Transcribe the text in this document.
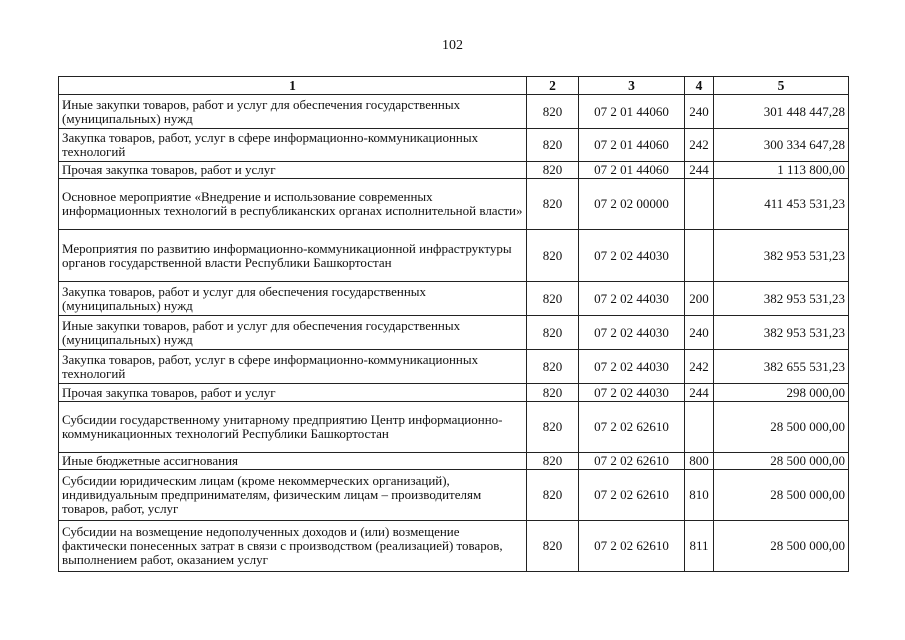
102
1	2	3	4	5
Иные закупки товаров, работ и услуг для обеспечения государственных (муниципальных) нужд	820	07 2 01 44060	240	301 448 447,28
Закупка товаров, работ, услуг в сфере информационно-коммуникационных технологий	820	07 2 01 44060	242	300 334 647,28
Прочая закупка товаров, работ и услуг	820	07 2 01 44060	244	1 113 800,00
Основное мероприятие «Внедрение и использование современных информационных технологий в республиканских органах исполнительной власти»	820	07 2 02 00000		411 453 531,23
Мероприятия по развитию информационно-коммуникационной инфраструктуры органов государственной власти Республики Башкортостан	820	07 2 02 44030		382 953 531,23
Закупка товаров, работ и услуг для обеспечения государственных (муниципальных) нужд	820	07 2 02 44030	200	382 953 531,23
Иные закупки товаров, работ и услуг для обеспечения государственных (муниципальных) нужд	820	07 2 02 44030	240	382 953 531,23
Закупка товаров, работ, услуг в сфере информационно-коммуникационных технологий	820	07 2 02 44030	242	382 655 531,23
Прочая закупка товаров, работ и услуг	820	07 2 02 44030	244	298 000,00
Субсидии государственному унитарному предприятию Центр информационно-коммуникационных технологий Республики Башкортостан	820	07 2 02 62610		28 500 000,00
Иные бюджетные ассигнования	820	07 2 02 62610	800	28 500 000,00
Субсидии юридическим лицам (кроме некоммерческих организаций), индивидуальным предпринимателям, физическим лицам – производителям товаров, работ, услуг	820	07 2 02 62610	810	28 500 000,00
Субсидии на возмещение недополученных доходов и (или) возмещение фактически понесенных затрат в связи с производством (реализацией) товаров, выполнением работ, оказанием услуг	820	07 2 02 62610	811	28 500 000,00
